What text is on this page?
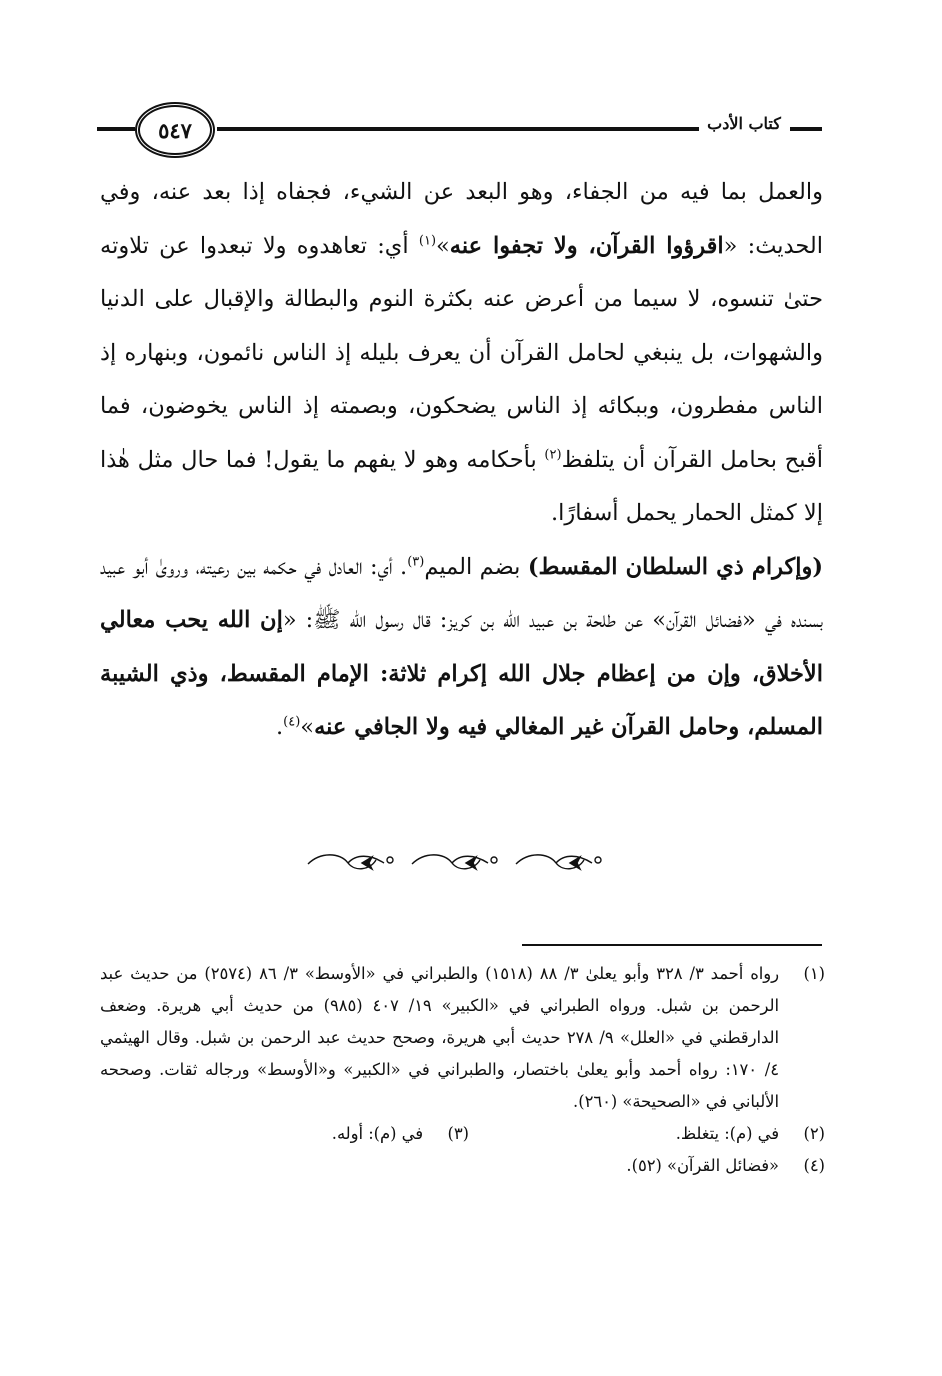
٥٤٧	كتاب الأدب

والعمل بما فيه من الجفاء، وهو البعد عن الشيء، فجفاه إذا بعد عنه، وفي الحديث: «اقرؤوا القرآن، ولا تجفوا عنه»$^{(١)}$ أي: تعاهدوه ولا تبعدوا عن تلاوته حتىٰ تنسوه، لا سيما من أعرض عنه بكثرة النوم والبطالة والإقبال على الدنيا والشهوات، بل ينبغي لحامل القرآن أن يعرف بليله إذ الناس نائمون، وبنهاره إذ الناس مفطرون، وببكائه إذ الناس يضحكون، وبصمته إذ الناس يخوضون، فما أقبح بحامل القرآن أن يتلفظ$^{(٢)}$ بأحكامه وهو لا يفهم ما يقول! فما حال مثل هٰذا إلا كمثل الحمار يحمل أسفارًا.

(وإكرام ذي السلطان المقسط) بضم الميم$^{(٣)}$. أي: العادل في حكمه بين رعيته، وروىٰ أبو عبيد بسنده في «فضائل القرآن» عن طلحة بن عبيد الله بن كريز: قال رسول الله ﷺ: «إن الله يحب معالي الأخلاق، وإن من إعظام جلال الله إكرام ثلاثة: الإمام المقسط، وذي الشيبة المسلم، وحامل القرآن غير المغالي فيه ولا الجافي عنه»$^{(٤)}$.

(١)
رواه أحمد ٣/ ٣٢٨ وأبو يعلىٰ ٣/ ٨٨ (١٥١٨) والطبراني في «الأوسط» ٣/ ٨٦ (٢٥٧٤) من حديث عبد الرحمن بن شبل. ورواه الطبراني في «الكبير» ١٩/ ٤٠٧ (٩٨٥) من حديث أبي هريرة. وضعف الدارقطني في «العلل» ٩/ ٢٧٨ حديث أبي هريرة، وصحح حديث عبد الرحمن بن شبل. وقال الهيثمي ٤/ ١٧٠: رواه أحمد وأبو يعلىٰ باختصار، والطبراني في «الكبير» و«الأوسط» ورجاله ثقات. وصححه الألباني في «الصحيحة» (٢٦٠).
(٢)
في (م): يتغلظ.
(٣)
في (م): أوله.
(٤)
«فضائل القرآن» (٥٢).
